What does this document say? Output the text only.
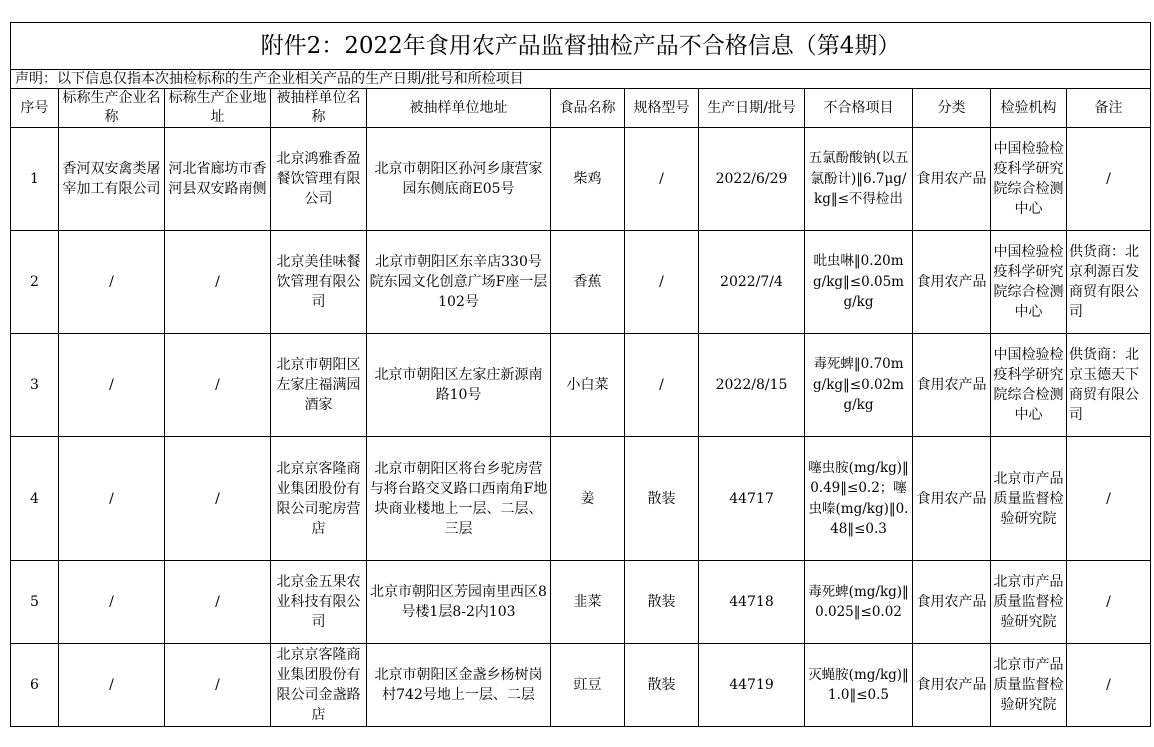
附件2：2022年食用农产品监督抽检产品不合格信息（第4期）											
声明：以下信息仅指本次抽检标称的生产企业相关产品的生产日期/批号和所检项目											
序号	标称生产企业名称	标称生产企业地址	被抽样单位名称	被抽样单位地址	食品名称	规格型号	生产日期/批号	不合格项目	分类	检验机构	备注
1	香河双安禽类屠宰加工有限公司	河北省廊坊市香河县双安路南侧	北京鸿雅香盈餐饮管理有限公司	北京市朝阳区孙河乡康营家园东侧底商E05号	柴鸡	/	2022/6/29	五氯酚酸钠(以五氯酚计)‖6.7μg/kg‖≤不得检出	食用农产品	中国检验检疫科学研究院综合检测中心	/
2	/	/	北京美佳味餐饮管理有限公司	北京市朝阳区东辛店330号院东园文化创意广场F座一层102号	香蕉	/	2022/7/4	吡虫啉‖0.20mg/kg‖≤0.05mg/kg	食用农产品	中国检验检疫科学研究院综合检测中心	供货商：北京利源百发商贸有限公司
3	/	/	北京市朝阳区左家庄福满园酒家	北京市朝阳区左家庄新源南路10号	小白菜	/	2022/8/15	毒死蜱‖0.70mg/kg‖≤0.02mg/kg	食用农产品	中国检验检疫科学研究院综合检测中心	供货商：北京玉德天下商贸有限公司
4	/	/	北京京客隆商业集团股份有限公司驼房营店	北京市朝阳区将台乡驼房营与将台路交叉路口西南角F地块商业楼地上一层、二层、三层	姜	散装	44717	噻虫胺(mg/kg)‖0.49‖≤0.2；噻虫嗪(mg/kg)‖0.48‖≤0.3	食用农产品	北京市产品质量监督检验研究院	/
5	/	/	北京金五果农业科技有限公司	北京市朝阳区芳园南里西区8号楼1层8-2内103	韭菜	散装	44718	毒死蜱(mg/kg)‖0.025‖≤0.02	食用农产品	北京市产品质量监督检验研究院	/
6	/	/	北京京客隆商业集团股份有限公司金盏路店	北京市朝阳区金盏乡杨树岗村742号地上一层、二层	豇豆	散装	44719	灭蝇胺(mg/kg)‖1.0‖≤0.5	食用农产品	北京市产品质量监督检验研究院	/
